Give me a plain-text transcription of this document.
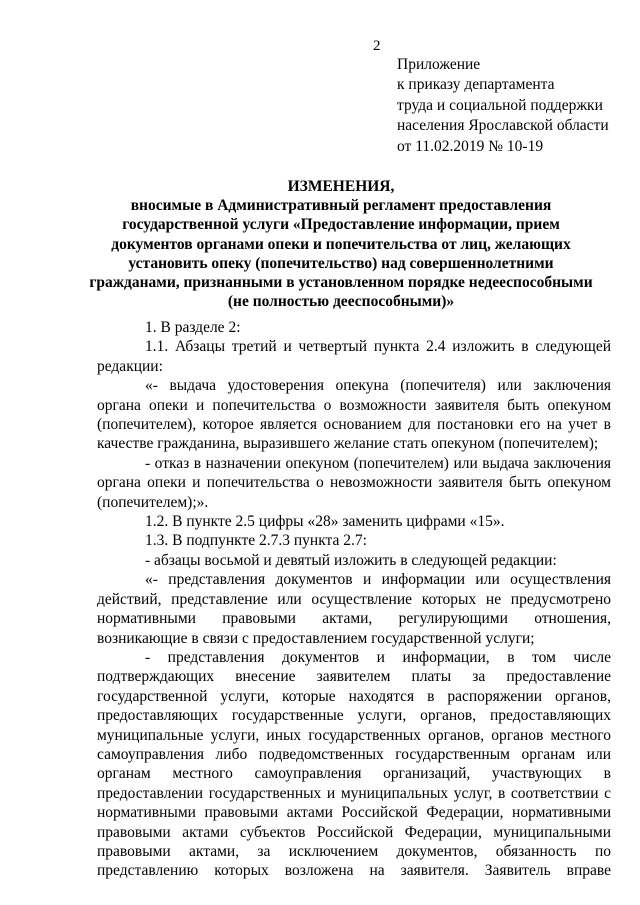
2
Приложение
к приказу департамента
труда и социальной поддержки
населения Ярославской области
от 11.02.2019 № 10-19
ИЗМЕНЕНИЯ,
вносимые в Административный регламент предоставления
государственной услуги «Предоставление информации, прием
документов органами опеки и попечительства от лиц, желающих
установить опеку (попечительство) над совершеннолетними
гражданами, признанными в установленном порядке недееспособными
(не полностью дееспособными)»

1. В разделе 2:

1.1. Абзацы третий и четвертый пункта 2.4 изложить в следующей редакции:

«- выдача удостоверения опекуна (попечителя) или заключения органа опеки и попечительства о возможности заявителя быть опекуном (попечителем), которое является основанием для постановки его на учет в качестве гражданина, выразившего желание стать опекуном (попечителем);

- отказ в назначении опекуном (попечителем) или выдача заключения органа опеки и попечительства о невозможности заявителя быть опекуном (попечителем);».

1.2. В пункте 2.5 цифры «28» заменить цифрами «15».

1.3. В подпункте 2.7.3 пункта 2.7:

- абзацы восьмой и девятый изложить в следующей редакции:

«- представления документов и информации или осуществления действий, представление или осуществление которых не предусмотрено нормативными правовыми актами, регулирующими отношения, возникающие в связи с предоставлением государственной услуги;

- представления документов и информации, в том числе подтверждающих внесение заявителем платы за предоставление государственной услуги, которые находятся в распоряжении органов, предоставляющих государственные услуги, органов, предоставляющих муниципальные услуги, иных государственных органов, органов местного самоуправления либо подведомственных государственным органам или органам местного самоуправления организаций, участвующих в предоставлении государственных и муниципальных услуг, в соответствии с нормативными правовыми актами Российской Федерации, нормативными правовыми актами субъектов Российской Федерации, муниципальными правовыми актами, за исключением документов, обязанность по представлению которых возложена на заявителя. Заявитель вправе
